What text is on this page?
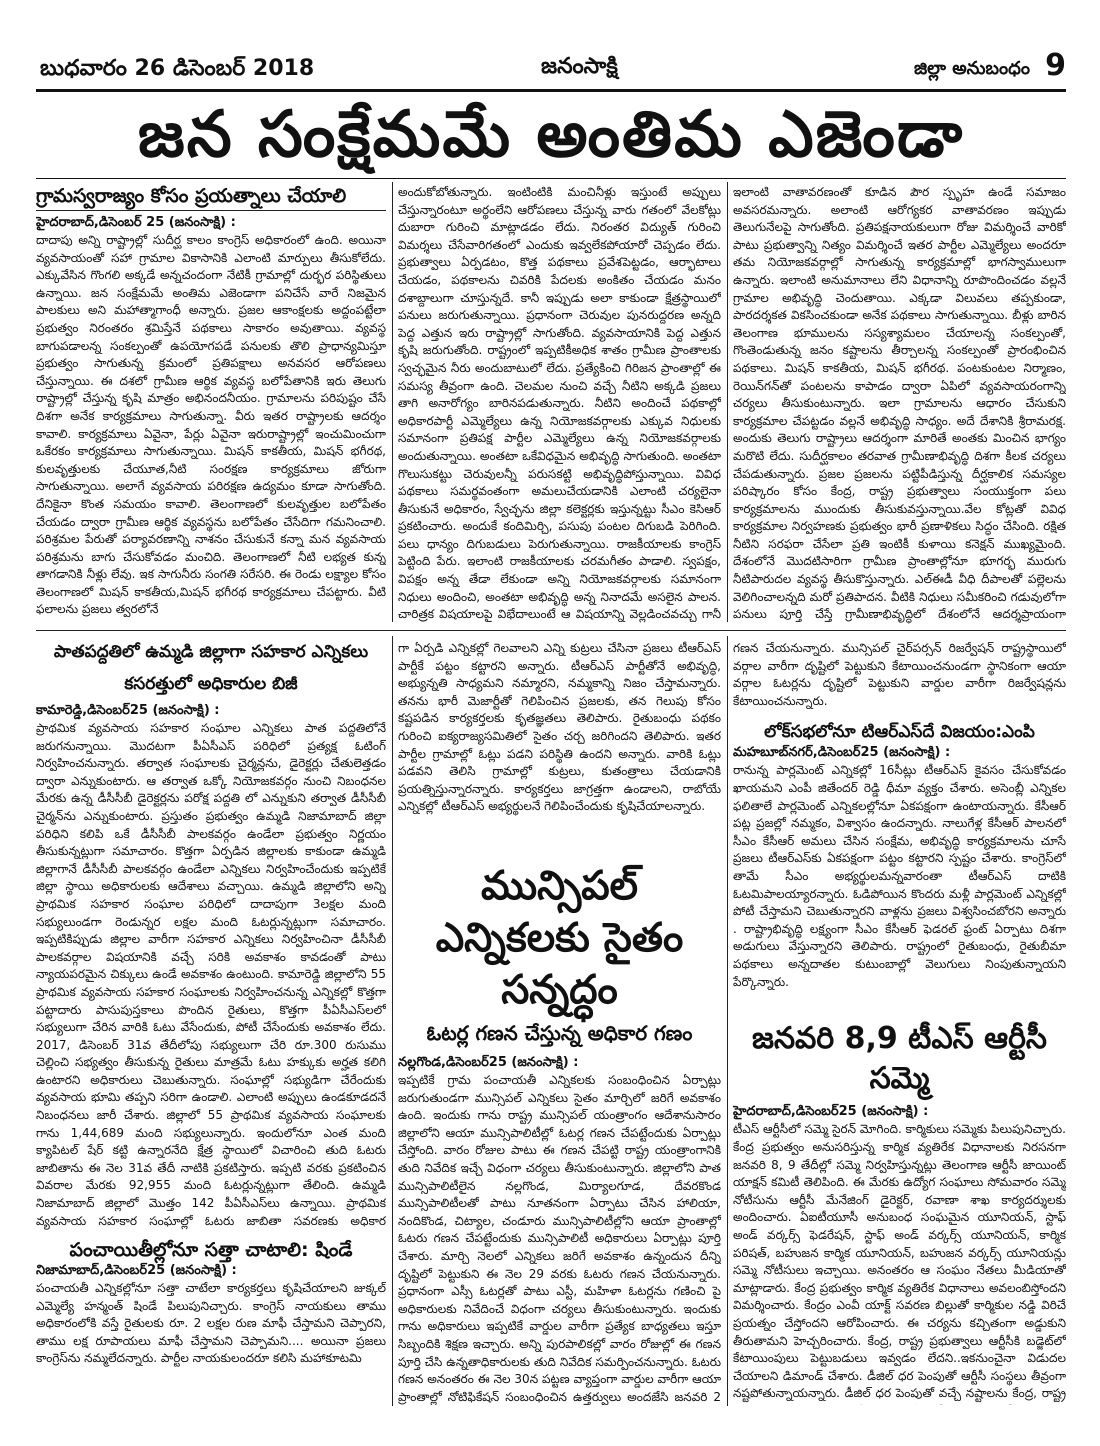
బుధవారం 26 డిసెంబర్ 2018	జనంసాక్షి	జిల్లా అనుబంధం 9
జన సంక్షేమమే అంతిమ ఎజెండా
గ్రామస్వరాజ్యం కోసం ప్రయత్నాలు చేయాలి
హైదరాబాద్,డిసెంబర్ 25 (జనంసాక్షి) :

దాదాపు అన్ని రాష్ట్రాల్లో సుదీర్ఘ కాలం కాంగ్రెస్ అధికారంలో ఉంది. అయినా వ్యవసాయంతో సహా గ్రామాల వికాసానికి ఎలాంటి మార్పులు తీసుకోలేదు. ఎక్కువేసిన గొంగలి అక్కడే అన్నచందంగా నేటికీ గ్రామాల్లో దుర్భర పరిస్థితులు ఉన్నాయి. జన సంక్షేమమే అంతిమ ఎజెండాగా పనిచేసే వారే నిజమైన పాలకులు అని మహాత్మాగాంధీ అన్నారు. ప్రజల ఆకాంక్షలకు అద్దంపట్టేలా ప్రభుత్వం నిరంతరం శ్రమిస్తేనే పథకాలు సాకారం అవుతాయి. వ్యవస్థ బాగుపడాలన్న సంకల్పంతో ఉపయోగపడే పనులకు తొలి ప్రాధాన్యమిస్తూ ప్రభుత్వం సాగుతున్న క్రమంలో ప్రతిపక్షాలు అనవసర ఆరోపణలు చేస్తున్నాయి. ఈ దశలో గ్రామీణ ఆర్థిక వ్యవస్థ బలోపేతానికి ఇరు తెలుగు రాష్ట్రాల్లో చేస్తున్న కృషి మాత్రం అభినందనీయం. గ్రామాలను పరిపుష్టం చేసే దిశగా అనేక కార్యక్రమాలు సాగుతున్నా. వీరు ఇతర రాష్ట్రాలకు ఆదర్శం కావాలి. కార్యక్రమాలు ఏవైనా, పేర్లు ఏవైనా ఇరురాష్ట్రాల్లో ఇంచుమించుగా ఒకేరకం కార్యక్రమాలు సాగుతున్నాయి. మిషన్ కాకతీయ, మిషన్ భగీరథ, కులవృత్తులకు చేయూత,నీటి సంరక్షణ కార్యక్రమాలు జోరుగా సాగుతున్నాయి. అలాగే వ్యవసాయ పరిరక్షణ ఉద్యమం కూడా సాగుతోంది. దేనికైనా కొంత సమయం కావాలి. తెలంగాణలో కులవృత్తుల బలోపేతం చేయడం ద్వారా గ్రామీణ ఆర్థిక వ్యవస్థను బలోపేతం చేసేదిగా గమనించాలి. పరిశ్రమల పేరుతో పర్యావరణాన్ని నాశనం చేసుకునే కన్నా మన వ్యవసాయ పరిశ్రమను బాగు చేసుకోవడం మంచిది. తెలంగాణలో నీటి లభ్యత కున్న తాగడానికి నీళ్లు లేవు. ఇక సాగునీరు సంగతి సరేసరి. ఈ రెండు లక్ష్యాల కోసం తెలంగాణలో మిషన్ కాకతీయ,మిషన్ భగీరథ కార్యక్రమాలు చేపట్టారు. వీటి ఫలాలను ప్రజలు త్వరలోనే

అందుకోబోతున్నారు. ఇంటింటికి మంచినీళ్లు ఇస్తుంటే అప్పులు చేస్తున్నారంటూ అర్థంలేని ఆరోపణలు చేస్తున్న వారు గతంలో వేలకోట్లు దుబారా గురించి మాట్లాడడం లేదు. నిరంతర విద్యుత్ గురించి విమర్శలు చేసేవారిగతంలో ఎందుకు ఇవ్వలేకపోయారో చెప్పడం లేదు. ప్రభుత్వాలు ఏర్పడటం, కొత్త పథకాలు ప్రవేశపెట్టడం, ఆర్భాటాలు చేయడం, పథకాలను చివరికి పేదలకు అంకితం చేయడం మనం దశాబ్దాలుగా చూస్తున్నదే. కానీ ఇప్పుడు అలా కాకుండా క్షేత్రస్థాయిలో పనులు జరుగుతున్నాయి. ప్రధానంగా చెరువుల పునరుద్దరణ అన్నది పెద్ద ఎత్తున ఇరు రాష్ట్రాల్లో సాగుతోంది. వ్యవసాయానికి పెద్ద ఎత్తున కృషి జరుగుతోంది. రాష్ట్రంలో ఇప్పటికీఅధిక శాతం గ్రామీణ ప్రాంతాలకు స్వచ్ఛమైన నీరు అందుబాటులో లేదు. ప్రత్యేకించి గిరిజన ప్రాంతాల్లో ఈ సమస్య తీవ్రంగా ఉంది. చెలమల నుంచి వచ్చే నీటిని అక్కడి ప్రజలు తాగి అనారోగ్యం బారినపడుతున్నారు. నీటిని అందించే పథకాల్లో అధికారపార్టీ ఎమ్మెల్యేలు ఉన్న నియోజకవర్గాలకు ఎక్కువ నిధులకు సమానంగా ప్రతిపక్ష పార్టీల ఎమ్మెల్యేలు ఉన్న నియోజకవర్గాలకు అందుతున్నాయి. అంతటా ఒకేవిధమైన అభివృద్ధి సాగుతుంది. అంతటా గొలుసుకట్టు చెరువులన్నీ పరుసకట్టి అభివృద్ధిపోస్తున్నాయి. వివిధ పథకాలు సమర్థవంతంగా అమలుచేయడానికి ఎలాంటి చర్యలైనా తీసుకునే అధికారం, స్వేచ్ఛను జిల్లా కలెక్టర్లకు ఇస్తున్నట్టు సీఎం కెసిఆర్ ప్రకటించారు. అందుకే కందిమిర్చి, పసుపు పంటల దిగుబడి పెరిగింది. పలు ధాన్యం దిగుబడులు పెరుగుతున్నాయి. రాజకీయాలకు కాంగ్రెస్ పెట్టింది పేరు. ఇలాంటి రాజకీయాలకు చరమగీతం పాడాలి. స్వపక్షం, విపక్షం అన్న తేడా లేకుండా అన్ని నియోజకవర్గాలకు సమానంగా నిధులు అందించి, అంతటా అభివృద్ధి అన్న నినాదమే అసలైన పాలన. చారిత్రక విషయాలపై విభేదాలుంటే ఆ విషయాన్ని వెల్లడించవచ్చు గానీ

ఇలాంటి వాతావరణంతో కూడిన పౌర స్పృహ ఉండే సమాజం అవసరమన్నారు. అలాంటి ఆరోగ్యకర వాతావరణం ఇప్పుడు తెలుగునేలపై సాగుతోంది. ప్రతిపక్షనాయకులుగా రోజు విమర్శించే వారికో పాటు ప్రభుత్వాన్ని నిత్యం విమర్శించే ఇతర పార్టీల ఎమ్మెల్యేలు అందరూ తమ నియోజకవర్గాల్లో సాగుతున్న కార్యక్రమాల్లో భాగస్వాములుగా ఉన్నారు. ఇలాంటి అనుమానాలు లేని విధానాన్ని రూపొందించడం వల్లనే గ్రామాల అభివృద్ధి చెందుతాయి. ఎక్కడా విలువలు తప్పకుండా, పారదర్శకత వికసించకుండా అనేక పథకాలు సాగుతున్నాయి. బీళ్లు బారిన తెలంగాణ భూములను సస్యశ్యామలం చేయాలన్న సంకల్పంతో, గొంతెండుతున్న జనం కష్టాలను తీర్చాలన్న సంకల్పంతో ప్రారంభించిన పథకాలు. మిషన్ కాకతీయ, మిషన్ భగీరథ. పంటకుంటల నిర్మాణం, రెయిన్‌గన్‌తో పంటలను కాపాడం ద్వారా ఏపిలో వ్యవసాయరంగాన్ని చర్యలు తీసుకుంటున్నారు. ఇలా గ్రామాలను ఆధారం చేసుకుని కార్యక్రమాల చేపట్టడం వల్లనే అభివృద్ధి సాధ్యం. అదే దేశానికి శ్రీరామరక్ష. అందుకు తెలుగు రాష్ట్రాలు ఆదర్శంగా మారితే అంతకు మించిన భాగ్యం మరొటి లేదు. సుదీర్ఘకాలం తరవాత గ్రామీణాభివృద్ధి దిశగా కీలక చర్యలు చేపడుతున్నారు. ప్రజల ప్రజలను పట్టిపీడిస్తున్న దీర్ఘకాలిక సమస్యల పరిష్కారం కోసం కేంద్ర, రాష్ట్ర ప్రభుత్వాలు సంయుక్తంగా పలు కార్యక్రమాలను ముందుకు తీసుకువస్తున్నాయి.వేల కోట్లతో వివిధ కార్యక్రమాల నిర్వహణకు ప్రభుత్వం భారీ ప్రణాళికలు సిద్ధం చేసింది. రక్షిత నీటిని సరఫరా చేసేలా ప్రతి ఇంటికీ కుళాయి కనెక్షన్ ముఖ్యమైంది. దేశంలోనే మొదటిసారిగా గ్రామీణ ప్రాంతాల్లోనూ భూగర్భ మురుగు నీటిపారుదల వ్యవస్థ తీసుకొస్తున్నారు. ఎల్‌ఈడీ వీధి దీపాలతో పల్లెలను వెలిగించాలన్నది మరో ప్రతిపాదన. వీటికి నిధులు సమీకరించి గడువులోగా పనులు పూర్తి చేస్తే గ్రామీణాభివృద్ధిలో దేశంలోనే ఆదర్శప్రాయంగా

పాతపద్దతిలో ఉమ్మడి జిల్లాగా సహకార ఎన్నికలు
కసరత్తులో అధికారుల బిజీ
కామారెడ్డి,డిసెంబర్25 (జనంసాక్షి) :

ప్రాథమిక వ్యవసాయ సహకార సంఘాల ఎన్నికలు పాత పద్దతిలోనే జరుగనున్నాయి. మొదటగా పీఏసీఎస్ పరిధిలో ప్రత్యక్ష ఓటింగ్ నిర్వహించనున్నారు. తర్వాత సంఘాలకు చైర్మన్లను, డైరెక్టర్లు చేతులెత్తడం ద్వారా ఎన్నుకుంటారు. ఆ తర్వాత ఒక్కో నియోజకవర్గం నుంచి నిబంధనల మేరకు ఉన్న డీసీసీబీ డైరెక్టర్లను పరోక్ష పద్దతి లో ఎన్నుకుని తర్వాత డీసీసీబీ చైర్మన్‌ను ఎన్నుకుంటారు. ప్రస్తుతం ప్రభుత్వం ఉమ్మడి నిజామాబాద్ జిల్లా పరిధిని కలిపి ఒకే డీసీసీబీ పాలకవర్గం ఉండేలా ప్రభుత్వం నిర్ణయం తీసుకున్నట్లుగా సమాచారం. కొత్తగా ఏర్పడిన జిల్లాలకు కాకుండా ఉమ్మడి జిల్లాగానే డీసీసీబీ పాలకవర్గం ఉండేలా ఎన్నికలు నిర్వహించేందుకు ఇప్పటికే జిల్లా స్థాయి అధికారులకు ఆదేశాలు వచ్చాయి. ఉమ్మడి జిల్లాలోని అన్ని ప్రాథమిక సహకార సంఘాల పరిధిలో దాదాపుగా 3లక్షల మంది సభ్యులుండగా రెండున్నర లక్షల మంది ఓటర్లున్నట్లుగా సమాచారం. ఇప్పటికిప్పుడు జిల్లాల వారీగా సహకార ఎన్నికలు నిర్వహించినా డీసీసీబీ పాలకవర్గాల విషయానికి వచ్చే సరికి అవకాశం కావడంతో పాటు న్యాయపరమైన చిక్కులు ఉండే అవకాశం ఉంటుంది. కామారెడ్డి జిల్లాలోని 55 ప్రాథమిక వ్యవసాయ సహకార సంఘాలకు నిర్వహించనున్న ఎన్నికల్లో కొత్తగా పట్టాదారు పాసుపుస్తకాలు పొందిన రైతులు, కొత్తగా పీఏసీఎస్‌లలో సభ్యులుగా చేరిన వారికి ఓటు వేసేందుకు, పోటీ చేసేందుకు అవకాశం లేదు. 2017, డిసెంబర్ 31వ తేదీలోపు సభ్యులుగా చేరి రూ.300 రుసుము చెల్లించి సభ్యత్వం తీసుకున్న రైతులు మాత్రమే ఓటు హక్కుకు అర్హత కలిగి ఉంటారని అధికారులు చెబుతున్నారు. సంఘాల్లో సభ్యుడిగా చేరేందుకు వ్యవసాయ భూమి తప్పని సరిగా ఉండాలి. ఎలాంటి అప్పులు ఉండకూడదనే నిబంధనలు జారీ చేశారు. జిల్లాలో 55 ప్రాథమిక వ్యవసాయ సంఘాలకు గాను 1,44,689 మంది సభ్యులున్నారు. ఇందులోనూ ఎంత మంది క్యాపిటల్ షేర్ కట్టి ఉన్నారనేది క్షేత్ర స్థాయిలో విచారించి తుది ఓటరు జాబితాను ఈ నెల 31వ తేదీ నాటికి ప్రకటిస్తారు. ఇప్పటి వరకు ప్రకటించిన వివరాల మేరకు 92,955 మంది ఓటర్లున్నట్లుగా తేలింది. ఉమ్మడి నిజామాబాద్ జిల్లాలో మొత్తం 142 పీఏసీఎస్‌లు ఉన్నాయి. ప్రాథమిక వ్యవసాయ సహకార సంఘాల్లో ఓటరు జాబితా సవరణకు అధికార

పంచాయితీల్లోనూ సత్తా చాటాలి: షిండే
నిజామాబాద్,డిసెంబర్25 (జనంసాక్షి) :

పంచాయతీ ఎన్నికల్లోనూ సత్తా చాటేలా కార్యకర్తలు కృషిచేయాలని జుక్కల్ ఎమ్మెల్యే హన్మంత్ షిండే పిలుపునిచ్చారు. కాంగ్రెస్ నాయకులు తాము అధికారంలోకి వస్తే రైతులకు రూ. 2 లక్షల రుణ మాఫీ చేస్తామని చెప్పారని, తాము లక్ష రూపాయలు మాఫీ చేస్తామని చెప్పామని.... అయినా ప్రజలు కాంగ్రెస్‌ను నమ్మలేదన్నారు. పార్టీల నాయకులందరూ కలిసి మహాకూటమి

గా ఏర్పడి ఎన్నికల్లో గెలవాలని ఎన్ని కుట్రలు చేసినా ప్రజలు టీఆర్‌ఎస్ పార్టీకే పట్టం కట్టారని అన్నారు. టీఆర్‌ఎస్ పార్టీతోనే అభివృద్ధి, అభ్యున్నతి సాధ్యమని నమ్మారని, నమ్మకాన్ని నిజం చేస్తామన్నారు. తనను భారీ మెజార్టీతో గెలిపించిన ప్రజలకు, తన గెలుపు కోసం కష్టపడిన కార్యకర్తలకు కృతజ్ఞతలు తెలిపారు. రైతుబంధు పథకం గురించి ఐక్యరాజ్యసమితిలో సైతం చర్చ జరిగిందని తెలిపారు. ఇతర పార్టీల గ్రామాల్లో ఓట్లు పడని పరిస్థితి ఉందని అన్నారు. వారికి ఓట్లు పడవని తెలిసి గ్రామాల్లో కుట్రలు, కుతంత్రాలు చేయడానికి ప్రయత్నిస్తున్నారన్నారు. కార్యకర్తలు జాగ్రత్తగా ఉండాలని, రాబోయే ఎన్నికల్లో టీఆర్‌ఎస్ అభ్యర్థులనే గెలిపించేందుకు కృషిచేయాలన్నారు.

మున్సిపల్ ఎన్నికలకు సైతం సన్నద్ధం
ఓటర్ల గణన చేస్తున్న అధికార గణం
నల్లగొండ,డిసెంబర్25 (జనంసాక్షి) :

ఇప్పటికే గ్రామ పంచాయతీ ఎన్నికలకు సంబంధించిన ఏర్పాట్లు జరుగుతుండగా మున్సిపల్ ఎన్నికలు సైతం మార్చిలో జరిగే అవకాశం ఉంది. ఇందుకు గాను రాష్ట్ర మున్సిపల్ యంత్రాంగం ఆదేశానుసారం జిల్లాలోని ఆయా మున్సిపాలిటీల్లో ఓటర్ల గణన చేపట్టేందుకు ఏర్పాట్లు చేస్తోంది. వారం రోజుల పాటు ఈ గణన చేపట్టి రాష్ట్ర యంత్రాంగానికి తుది నివేదిక ఇచ్చే విధంగా చర్యలు తీసుకుంటున్నారు. జిల్లాలోని పాత మున్సిపాలిటీలైన నల్లగొండ, మిర్యాలగూడ, దేవరకొండ మున్సిపాలిటీలతో పాటు నూతనంగా ఏర్పాటు చేసిన హాలియా, నందికొండ, చిట్యాల, చండూరు మున్సిపాలిటీల్లోని ఆయా ప్రాంతాల్లో ఓటరు గణన చేపట్టేందుకు మున్సిపాలిటీ అధికారులు ఏర్పాట్లు పూర్తి చేశారు. మార్చి నెలలో ఎన్నికలు జరిగే అవకాశం ఉన్నందున దీన్ని దృష్టిలో పెట్టుకుని ఈ నెల 29 వరకు ఓటరు గణన చేయనున్నారు. ప్రధానంగా ఎస్సీ ఓటర్లతో పాటు ఎస్టీ, మహిళా ఓటర్లను గణించి పై అధికారులకు నివేదించే విధంగా చర్యలు తీసుకుంటున్నారు. ఇందుకు గాను అధికారులు ఇప్పటికే వార్డుల వారీగా ప్రత్యేక బాధ్యతలు ఇస్తూ సిబ్బందికి శిక్షణ ఇచ్చారు. అన్ని పురపాలికల్లో వారం రోజుల్లో ఈ గణన పూర్తి చేసి ఉన్నతాధికారులకు తుది నివేదిక సమర్పించనున్నారు. ఓటరు గణన అనంతరం ఈ నెల 30న పట్టణ వ్యాప్తంగా వార్డుల వారీగా ఆయా ప్రాంతాల్లో నోటిఫికేషన్ సంబంధించిన ఉత్తర్వులు అందజేసి జనవరి 2

గణన చేయనున్నారు. మున్సిపల్ చైర్‌పర్సన్ రిజర్వేషన్ రాష్ట్రస్థాయిలో వర్గాల వారీగా దృష్టిలో పెట్టుకుని కేటాయించనుండగా స్థానికంగా ఆయా వర్గాల ఓటర్లను దృష్టిలో పెట్టుకుని వార్డుల వారీగా రిజర్వేషన్లను కేటాయించనున్నారు.

లోక్‌సభలోనూ టిఆర్‌ఎస్‌దే విజయం:ఎంపి
మహబూబ్‌నగర్,డిసెంబర్25 (జనంసాక్షి) :

రానున్న పార్లమెంట్ ఎన్నికల్లో 16సీట్లు టీఆర్‌ఎస్ కైవసం చేసుకోవడం ఖాయమని ఎంపీ జితేందర్ రెడ్డి ధీమా వ్యక్తం చేశారు. అసెంబ్లీ ఎన్నికల ఫలితాలే పార్లమెంట్ ఎన్నికలల్లోనూ ఏకపక్షంగా ఉంటాయన్నారు. కేసీఆర్ పట్ల ప్రజల్లో నమ్మకం, విశ్వాసం ఉందన్నారు. నాలుగేళ్ల కేసీఆర్ పాలనలో సీఎం కేసీఆర్ అమలు చేసిన సంక్షేమ, అభివృద్ధి కార్యక్రమాలను చూసే ప్రజలు టీఆర్‌ఎస్‌కు ఏకపక్షంగా పట్టం కట్టారని స్పష్టం చేశారు. కాంగ్రెస్‌లో తామే సీఎం అభ్యర్థులమన్నవారంతా టీఆర్‌ఎస్ దాటికి ఓటమిపాలయ్యారన్నారు. ఓడిపోయిన కొందరు మళ్లీ పార్లమెంట్ ఎన్నికల్లో పోటీ చేస్తామని చెబుతున్నారని వాళ్లను ప్రజలు విశ్వసించబోరని అన్నారు . రాష్ట్రాభివృద్ధి లక్ష్యంగా సీఎం కేసీఆర్ ఫెడరల్ ఫ్రంట్ ఏర్పాటు దిశగా అడుగులు వేస్తున్నారని తెలిపారు. రాష్ట్రంలో రైతుబంధు, రైతుబీమా పథకాలు అన్నదాతల కుటుంబాల్లో వెలుగులు నింపుతున్నాయని పేర్కొన్నారు.

జనవరి 8,9 టీఎస్ ఆర్టీసీ సమ్మె
హైదరాబాద్,డిసెంబర్25 (జనంసాక్షి) :

టీఎస్ ఆర్టీసీలో సమ్మె సైరన్ మోగింది. కార్మికులు సమ్మెకు పిలుపునిచ్చారు. కేంద్ర ప్రభుత్వం అనుసరిస్తున్న కార్మిక వ్యతిరేక విధానాలకు నిరసనగా జనవరి 8, 9 తేదీల్లో సమ్మె నిర్వహిస్తున్నట్లు తెలంగాణ ఆర్టీసీ జాయింట్ యాక్షన్ కమిటీ తెలిపింది. ఈ మేరకు ఉద్యోగ సంఘాలు సోమవారం సమ్మె నోటీసును ఆర్టీసీ మేనేజింగ్ డైరెక్టర్, రవాణా శాఖ కార్యదర్శులకు అందించారు. ఏఐటీయూసీ అనుబంధ సంఘమైన యూనియన్, స్టాఫ్ అండ్ వర్కర్స్ ఫెడరేషన్, స్టాఫ్ అండ్ వర్కర్స్ యూనియన్, కార్మిక పరిషత్, బహుజన కార్మిక యూనియన్, బహుజన వర్కర్స్ యూనియన్లు సమ్మె నోటీసులు ఇచ్చాయి. అనంతరం ఆ సంఘం నేతలు మీడియాతో మాట్లాడారు. కేంద్ర ప్రభుత్వం కార్మిక వ్యతిరేక విధానాలు అవలంబిస్తోందని విమర్శించారు. కేంద్రం ఎంవీ యాక్ట్ సవరణ బిల్లుతో కార్మికుల నడ్డి విరిచే ప్రయత్నం చేస్తోందని ఆరోపించారు. ఈ చర్యను కచ్చితంగా అడ్డుకుని తీరుతామని హెచ్చరించారు. కేంద్ర, రాష్ట్ర ప్రభుత్వాలు ఆర్టీసీకి బడ్జెట్‌లో కేటాయింపులు పెట్టుబడులు ఇవ్వడం లేదని..ఇకనుంచైనా విడుదల చేయాలని డిమాండ్ చేశారు. డీజిల్ ధర పెంపుతో ఆర్టీసీ సంస్థలు తీవ్రంగా నష్టపోతున్నాయన్నారు. డీజిల్ ధర పెంపుతో వచ్చే నష్టాలను కేంద్ర, రాష్ట్ర
